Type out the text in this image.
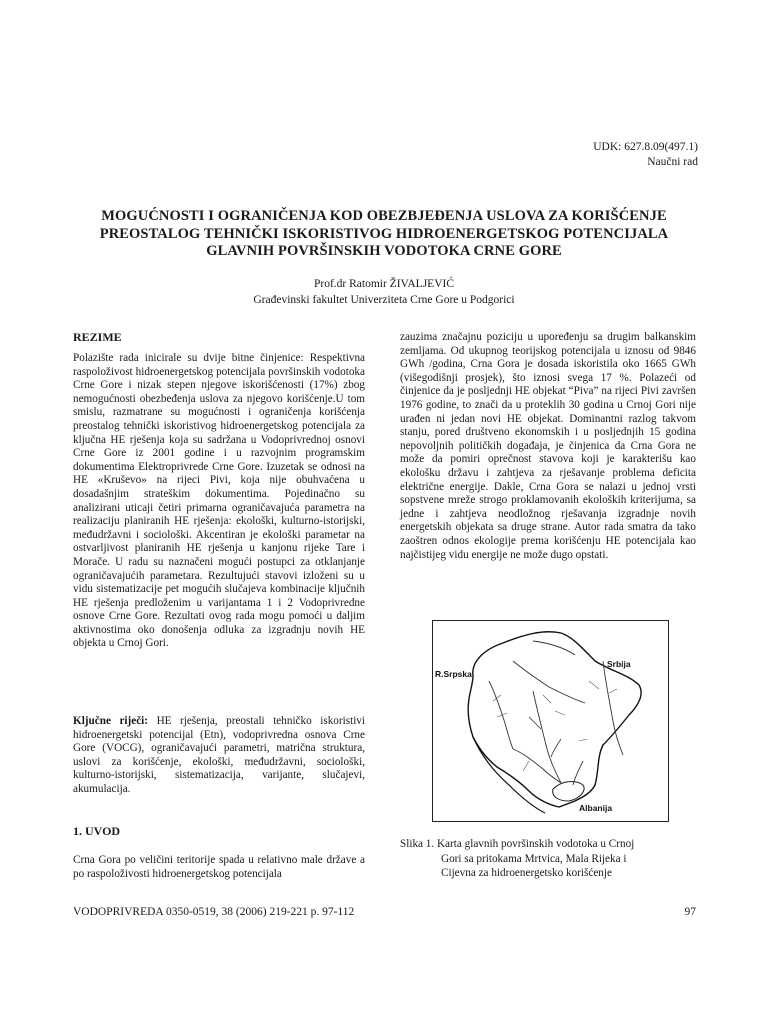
UDK: 627.8.09(497.1)
Naučni rad
MOGUĆNOSTI I OGRANIČENJA KOD OBEZBJEĐENJA USLOVA ZA KORIŠĆENJE
PREOSTALOG TEHNIČKI ISKORISTIVOG HIDROENERGETSKOG POTENCIJALA
GLAVNIH POVRŠINSKIH VODOTOKA CRNE GORE
Prof.dr Ratomir ŽIVALJEVIĆ
Građevinski fakultet Univerziteta Crne Gore u Podgorici
REZIME
Polazište rada inicirale su dvije bitne činjenice: Respektivna raspoloživost hidroenergetskog potencijala površinskih vodotoka Crne Gore i nizak stepen njegove iskorišćenosti (17%) zbog nemogućnosti obezbeđenja uslova za njegovo korišćenje.U tom smislu, razmatrane su mogućnosti i ograničenja korišćenja preostalog tehnički iskoristivog hidroenergetskog potencijala za ključna HE rješenja koja su sadržana u Vodoprivrednoj osnovi Crne Gore iz 2001 godine i u razvojnim programskim dokumentima Elektroprivrede Crne Gore. Izuzetak se odnosi na HE «Kruševo» na rijeci Pivi, koja nije obuhvaćena u dosadašnjim strateškim dokumentima. Pojedinačno su analizirani uticaji četiri primarna ograničavajuća parametra na realizaciju planiranih HE rješenja: ekološki, kulturno-istorijski, međudržavni i sociološki. Akcentiran je ekološki parametar na ostvarljivost planiranih HE rješenja u kanjonu rijeke Tare i Morače. U radu su naznačeni mogući postupci za otklanjanje ograničavajućih parametara. Rezultujući stavovi izloženi su u vidu sistematizacije pet mogućih slučajeva kombinacije ključnih HE rješenja predloženim u varijantama 1 i 2 Vodoprivredne osnove Crne Gore. Rezultati ovog rada mogu pomoći u daljim aktivnostima oko donošenja odluka za izgradnju novih HE objekta u Crnoj Gori.
Ključne riječi: HE rješenja, preostali tehničko iskoristivi hidroenergetski potencijal (Etn), vodoprivredna osnova Crne Gore (VOCG), ograničavajući parametri, matrična struktura, uslovi za korišćenje, ekološki, međudržavni, sociološki, kulturno-istorijski, sistematizacija, varijante, slučajevi, akumulacija.
1. UVOD
Crna Gora po veličini teritorije spada u relativno male države a po raspoloživosti hidroenergetskog potencijala
zauzima značajnu poziciju u upoređenju sa drugim balkanskim zemljama. Od ukupnog teorijskog potencijala u iznosu od 9846 GWh /godina, Crna Gora je dosada iskoristila oko 1665 GWh (višegodišnji prosjek), što iznosi svega 17 %. Polazeći od činjenice da je posljednji HE objekat “Piva” na rijeci Pivi završen 1976 godine, to znači da u proteklih 30 godina u Crnoj Gori nije urađen ni jedan novi HE objekat. Dominantni razlog takvom stanju, pored društveno ekonomskih i u posljednjih 15 godina nepovoljnih političkih događaja, je činjenica da Crna Gora ne može da pomiri oprečnost stavova koji je karakterišu kao ekološku državu i zahtjeva za rješavanje problema deficita električne energije. Dakle, Crna Gora se nalazi u jednoj vrsti sopstvene mreže strogo proklamovanih ekoloških kriterijuma, sa jedne i zahtjeva neodložnog rješavanja izgradnje novih energetskih objekata sa druge strane. Autor rada smatra da tako zaoštren odnos ekologije prema korišćenju HE potencijala kao najčistijeg vidu energije ne može dugo opstati.
R.Srpska
Srbija
Albanija
Slika 1. Karta glavnih površinskih vodotoka u Crnoj
Gori sa pritokama Mrtvica, Mala Rijeka i
Cijevna za hidroenergetsko korišćenje
VODOPRIVREDA 0350-0519, 38 (2006) 219-221 p. 97-112	97
